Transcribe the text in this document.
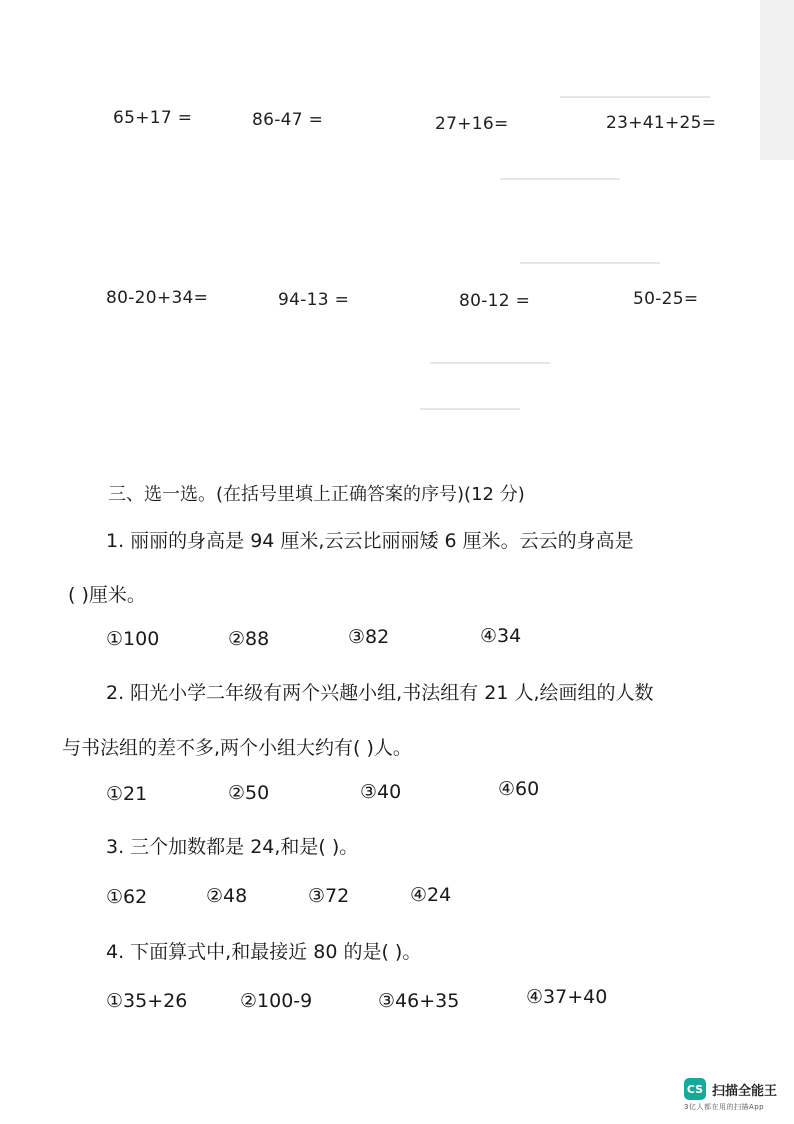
65+17 =	86-47 =	27+16=	23+41+25=
80-20+34=	94-13 =	80-12 =	50-25=
三、选一选。(在括号里填上正确答案的序号)(12 分)
1. 丽丽的身高是 94 厘米,云云比丽丽矮 6 厘米。云云的身高是
( )厘米。
①100	②88	③82	④34
2. 阳光小学二年级有两个兴趣小组,书法组有 21 人,绘画组的人数
与书法组的差不多,两个小组大约有( )人。
①21	②50	③40	④60
3. 三个加数都是 24,和是( )。
①62	②48	③72	④24
4. 下面算式中,和最接近 80 的是( )。
①35+26	②100-9	③46+35	④37+40
CS 扫描全能王
3亿人都在用的扫描App
